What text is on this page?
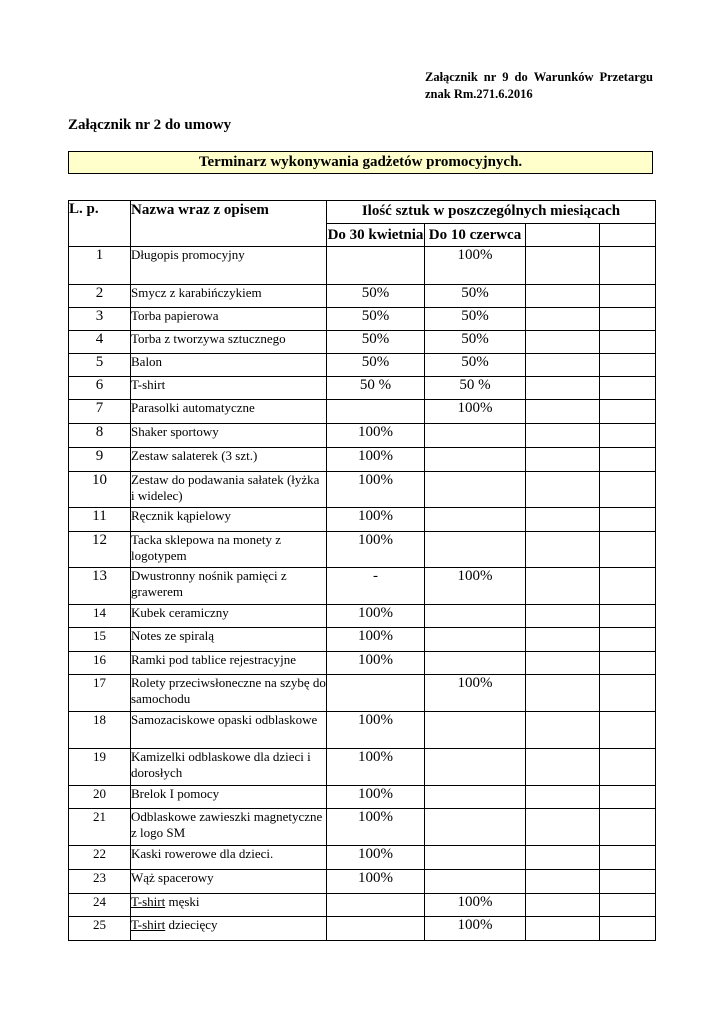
Załącznik nr 9 do Warunków Przetargu
znak Rm.271.6.2016
Załącznik nr 2 do umowy
Terminarz wykonywania gadżetów promocyjnych.
L. p.	Nazwa wraz z opisem	Ilość sztuk w poszczególnych miesiącach			
		Do 30 kwietnia	Do 10 czerwca		
1	Długopis promocyjny		100%		
2	Smycz z karabińczykiem	50%	50%		
3	Torba papierowa	50%	50%		
4	Torba z tworzywa sztucznego	50%	50%		
5	Balon	50%	50%		
6	T-shirt	50 %	50 %		
7	Parasolki automatyczne		100%		
8	Shaker sportowy	100%			
9	Zestaw salaterek (3 szt.)	100%			
10	Zestaw do podawania sałatek (łyżka i widelec)	100%			
11	Ręcznik kąpielowy	100%			
12	Tacka sklepowa na monety z logotypem	100%			
13	Dwustronny nośnik pamięci z grawerem	-	100%		
14	Kubek ceramiczny	100%			
15	Notes ze spiralą	100%			
16	Ramki pod tablice rejestracyjne	100%			
17	Rolety przeciwsłoneczne na szybę do samochodu		100%		
18	Samozaciskowe opaski odblaskowe	100%			
19	Kamizelki odblaskowe dla dzieci i dorosłych	100%			
20	Brelok I pomocy	100%			
21	Odblaskowe zawieszki magnetyczne z logo SM	100%			
22	Kaski rowerowe dla dzieci.	100%			
23	Wąż spacerowy	100%			
24	T-shirt męski		100%		
25	T-shirt dziecięcy		100%		
